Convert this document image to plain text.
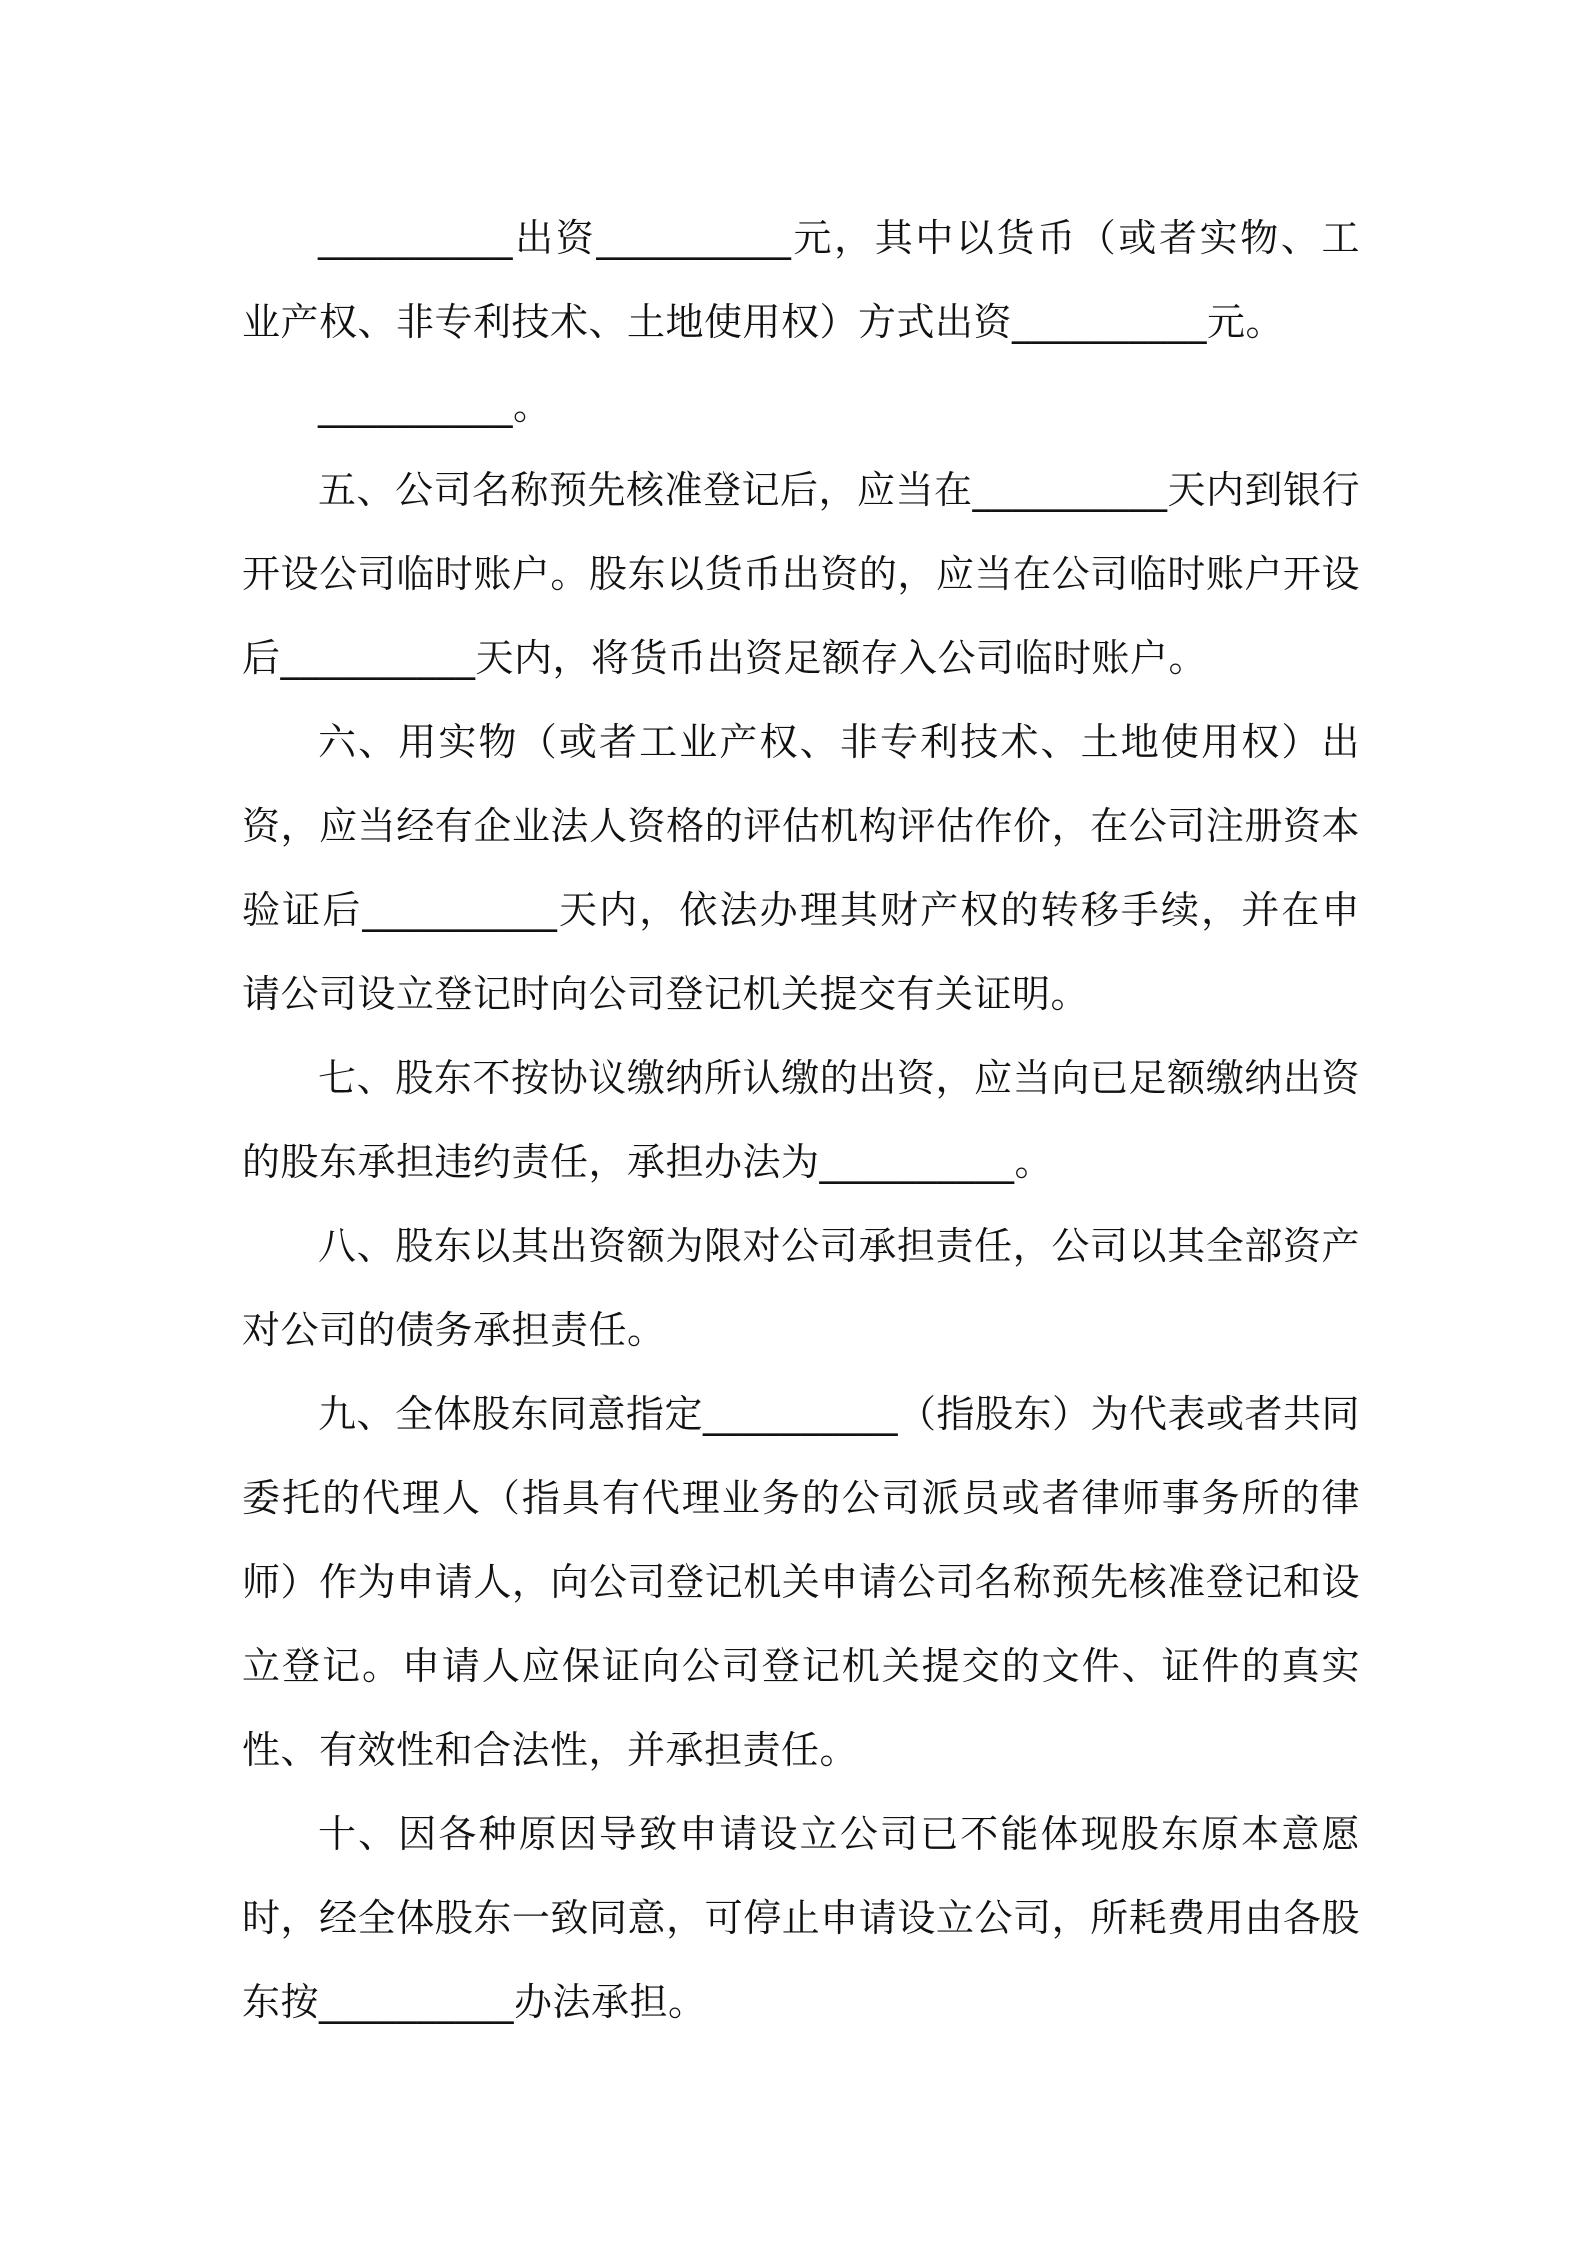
__________出资__________元，其中以货币（或者实物、工业产权、非专利技术、土地使用权）方式出资__________元。

__________。

五、公司名称预先核准登记后，应当在__________天内到银行开设公司临时账户。股东以货币出资的，应当在公司临时账户开设后__________天内，将货币出资足额存入公司临时账户。

六、用实物（或者工业产权、非专利技术、土地使用权）出资，应当经有企业法人资格的评估机构评估作价，在公司注册资本验证后__________天内，依法办理其财产权的转移手续，并在申请公司设立登记时向公司登记机关提交有关证明。

七、股东不按协议缴纳所认缴的出资，应当向已足额缴纳出资的股东承担违约责任，承担办法为__________。

八、股东以其出资额为限对公司承担责任，公司以其全部资产对公司的债务承担责任。

九、全体股东同意指定__________（指股东）为代表或者共同委托的代理人（指具有代理业务的公司派员或者律师事务所的律师）作为申请人，向公司登记机关申请公司名称预先核准登记和设立登记。申请人应保证向公司登记机关提交的文件、证件的真实性、有效性和合法性，并承担责任。

十、因各种原因导致申请设立公司已不能体现股东原本意愿时，经全体股东一致同意，可停止申请设立公司，所耗费用由各股东按__________办法承担。
